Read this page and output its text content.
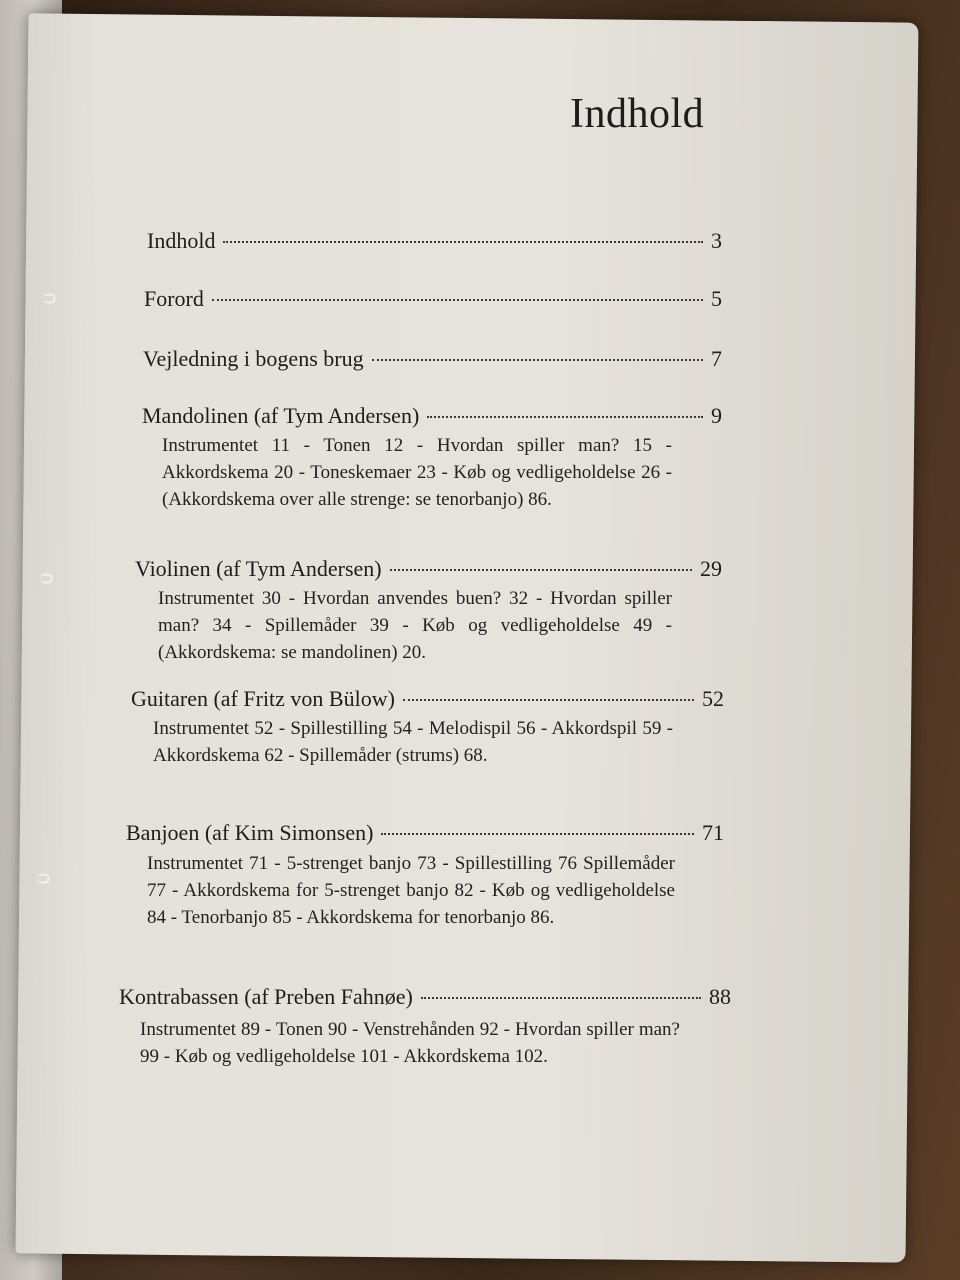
Indhold
Indhold	3
Forord	5
Vejledning i bogens brug	7
Mandolinen (af Tym Andersen)	9
Instrumentet 11 - Tonen 12 - Hvordan spiller man? 15 - Akkordskema 20 - Toneskemaer 23 - Køb og vedligeholdelse 26 - (Akkordskema over alle strenge: se tenorbanjo) 86.
Violinen (af Tym Andersen)	29
Instrumentet 30 - Hvordan anvendes buen? 32 - Hvordan spiller man? 34 - Spillemåder 39 - Køb og vedligeholdelse 49 - (Akkordskema: se mandolinen) 20.
Guitaren (af Fritz von Bülow)	52
Instrumentet 52 - Spillestilling 54 - Melodispil 56 - Akkordspil 59 - Akkordskema 62 - Spillemåder (strums) 68.
Banjoen (af Kim Simonsen)	71
Instrumentet 71 - 5-strenget banjo 73 - Spillestilling 76 Spillemåder 77 - Akkordskema for 5-strenget banjo 82 - Køb og vedligeholdelse 84 - Tenorbanjo 85 - Akkordskema for tenorbanjo 86.
Kontrabassen (af Preben Fahnøe)	88
Instrumentet 89 - Tonen 90 - Venstrehånden 92 - Hvordan spiller man? 99 - Køb og vedligeholdelse 101 - Akkordskema 102.
